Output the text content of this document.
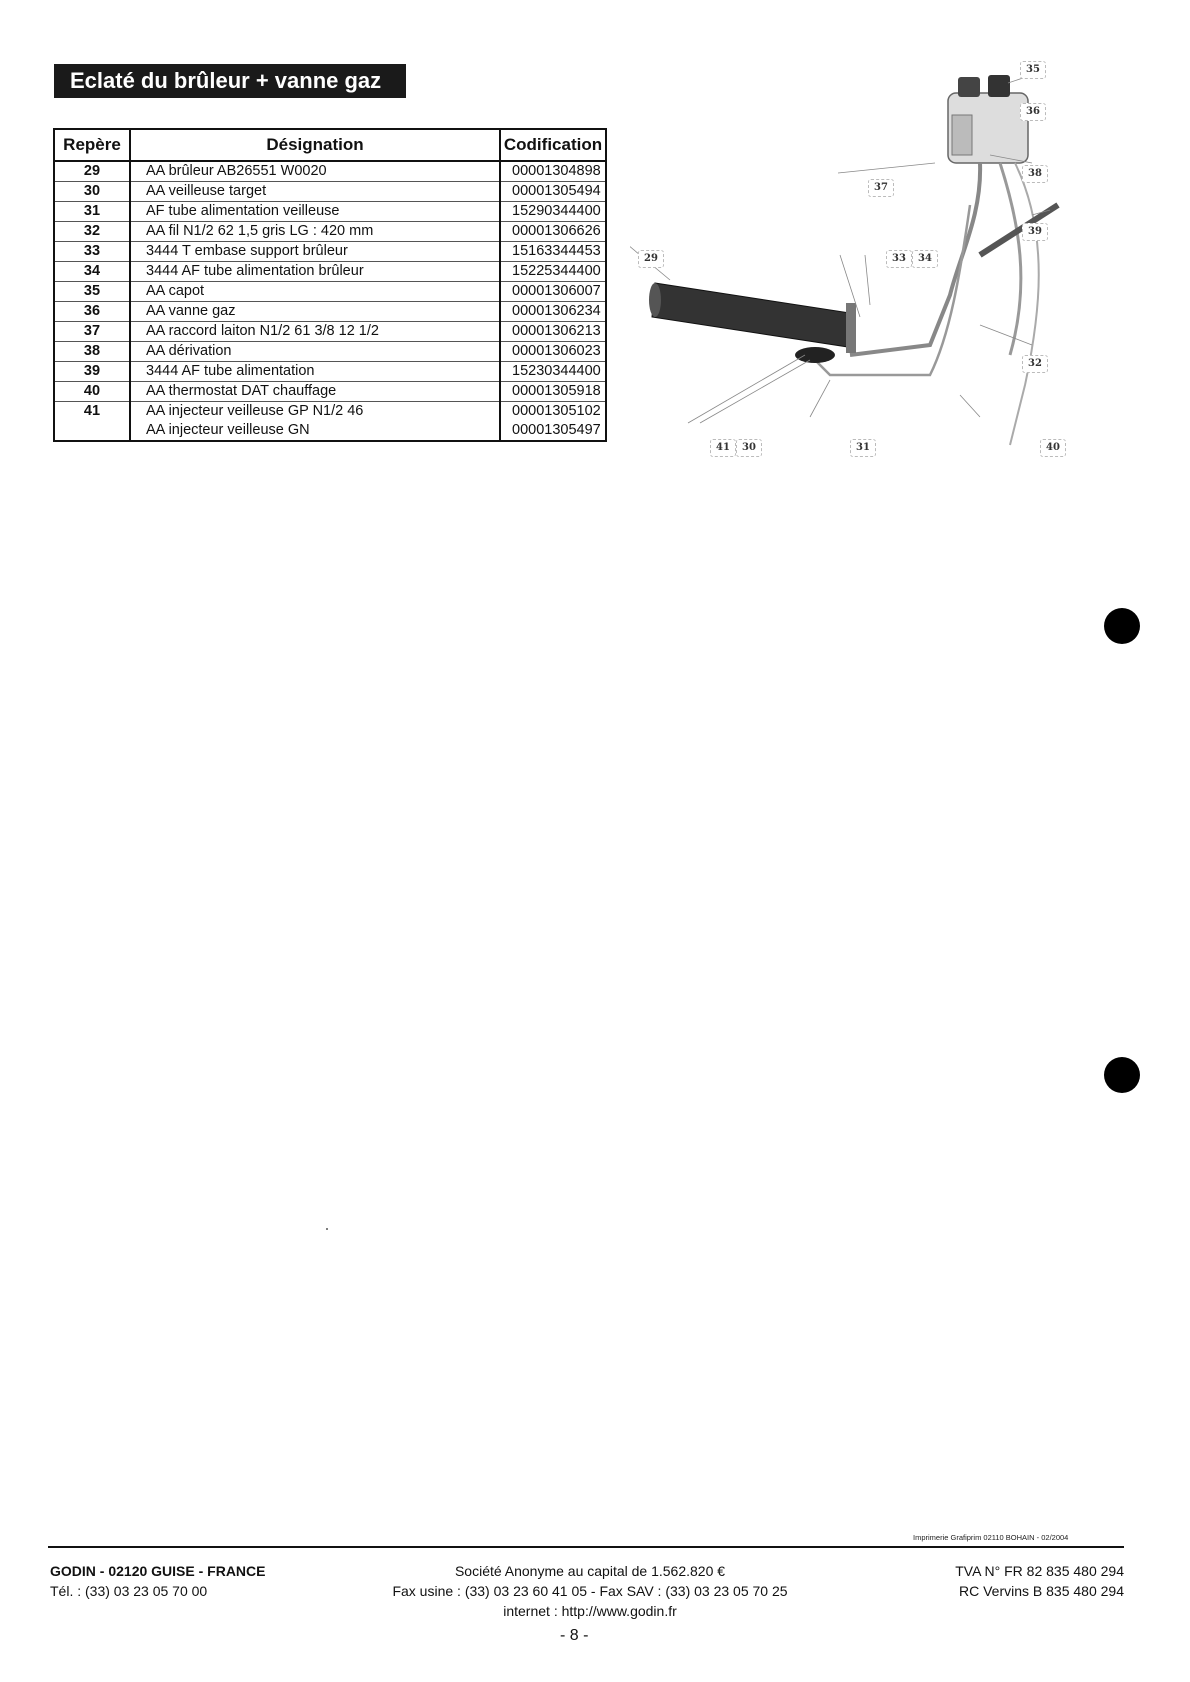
Eclaté du brûleur + vanne gaz
Repère	Désignation	Codification
29	AA brûleur AB26551 W0020	00001304898
30	AA veilleuse target	00001305494
31	AF tube alimentation veilleuse	15290344400
32	AA fil N1/2 62 1,5 gris LG : 420 mm	00001306626
33	3444 T embase support brûleur	15163344453
34	3444 AF tube alimentation brûleur	15225344400
35	AA capot	00001306007
36	AA vanne gaz	00001306234
37	AA raccord laiton N1/2 61 3/8 12 1/2	00001306213
38	AA dérivation	00001306023
39	3444 AF tube alimentation	15230344400
40	AA thermostat DAT chauffage	00001305918
41	AA injecteur veilleuse GP N1/2 46	00001305102
	AA injecteur veilleuse GN	00001305497
35
36
38
39
32
37
33	34
29
41	30	31	40
Imprimerie Grafiprim 02110 BOHAIN - 02/2004
GODIN - 02120 GUISE - FRANCE
Tél. : (33) 03 23 05 70 00
Société Anonyme au capital de 1.562.820 €
Fax usine : (33) 03 23 60 41 05 - Fax SAV : (33) 03 23 05 70 25
internet : http://www.godin.fr
TVA N° FR 82 835 480 294
RC Vervins B 835 480 294
- 8 -
